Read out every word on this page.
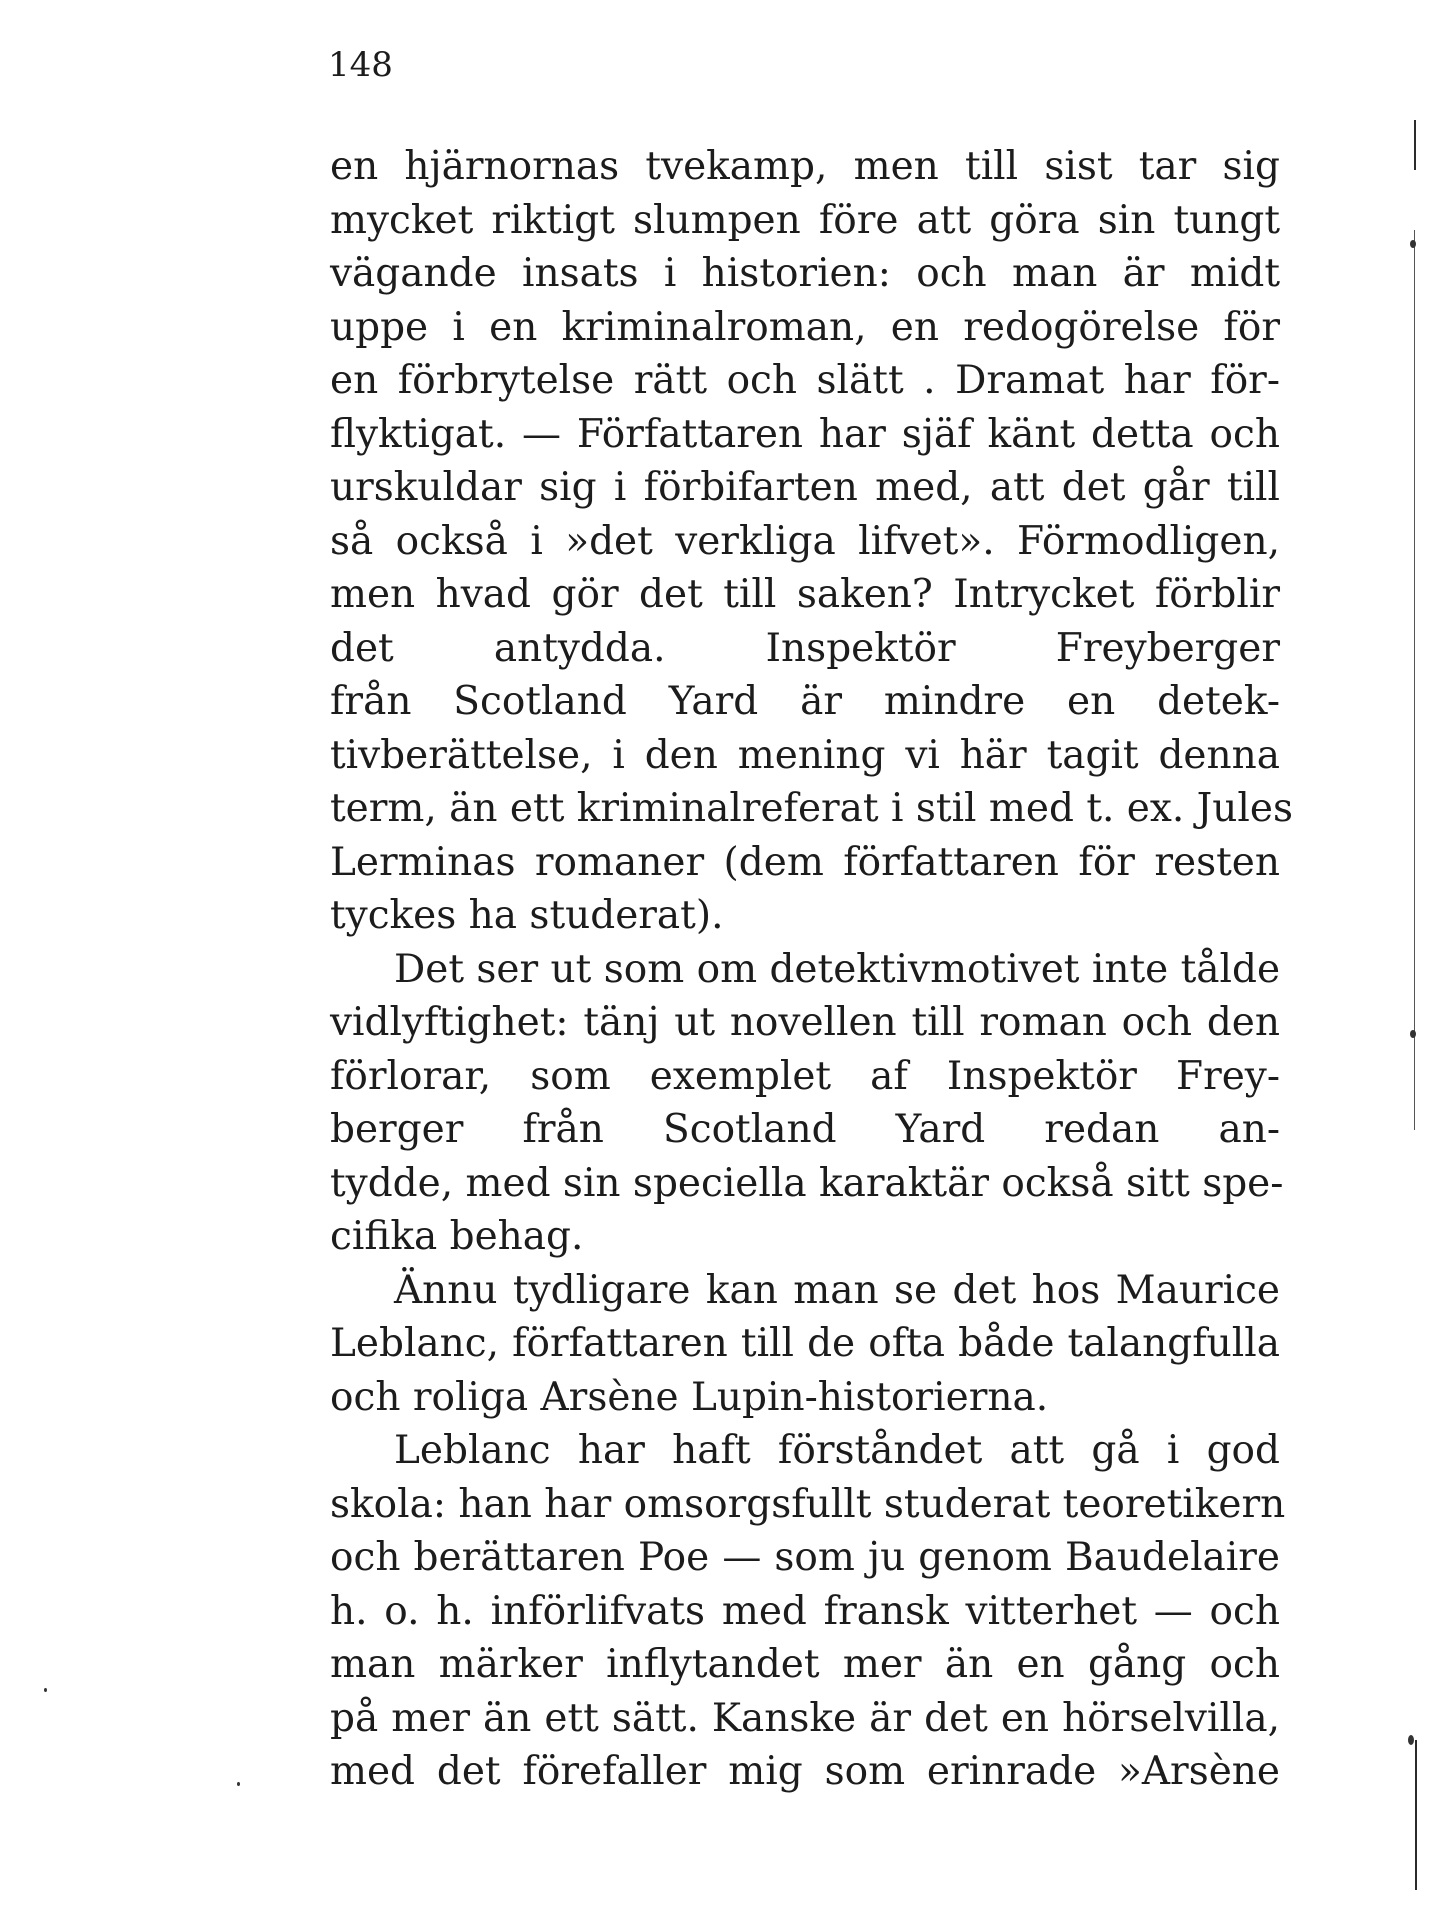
148
en hjärnornas tvekamp, men till sist tar sig
mycket riktigt slumpen före att göra sin tungt
vägande insats i historien: och man är midt
uppe i en kriminalroman, en redogörelse för
en förbrytelse rätt och slätt . Dramat har för-
flyktigat. — Författaren har sjäf känt detta och
urskuldar sig i förbifarten med, att det går till
så också i »det verkliga lifvet». Förmodligen,
men hvad gör det till saken? Intrycket förblir
det antydda. Inspektör Freyberger
från Scotland Yard är mindre en detek-
tivberättelse, i den mening vi här tagit denna
term, än ett kriminalreferat i stil med t. ex. Jules
Lerminas romaner (dem författaren för resten
tyckes ha studerat).
Det ser ut som om detektivmotivet inte tålde
vidlyftighet: tänj ut novellen till roman och den
förlorar, som exemplet af Inspektör Frey-
berger från Scotland Yard redan an-
tydde, med sin speciella karaktär också sitt spe-
cifika behag.
Ännu tydligare kan man se det hos Maurice
Leblanc, författaren till de ofta både talangfulla
och roliga Arsène Lupin-historierna.
Leblanc har haft förståndet att gå i god
skola: han har omsorgsfullt studerat teoretikern
och berättaren Poe — som ju genom Baudelaire
h. o. h. införlifvats med fransk vitterhet — och
man märker inflytandet mer än en gång och
på mer än ett sätt. Kanske är det en hörselvilla,
med det förefaller mig som erinrade »Arsène
